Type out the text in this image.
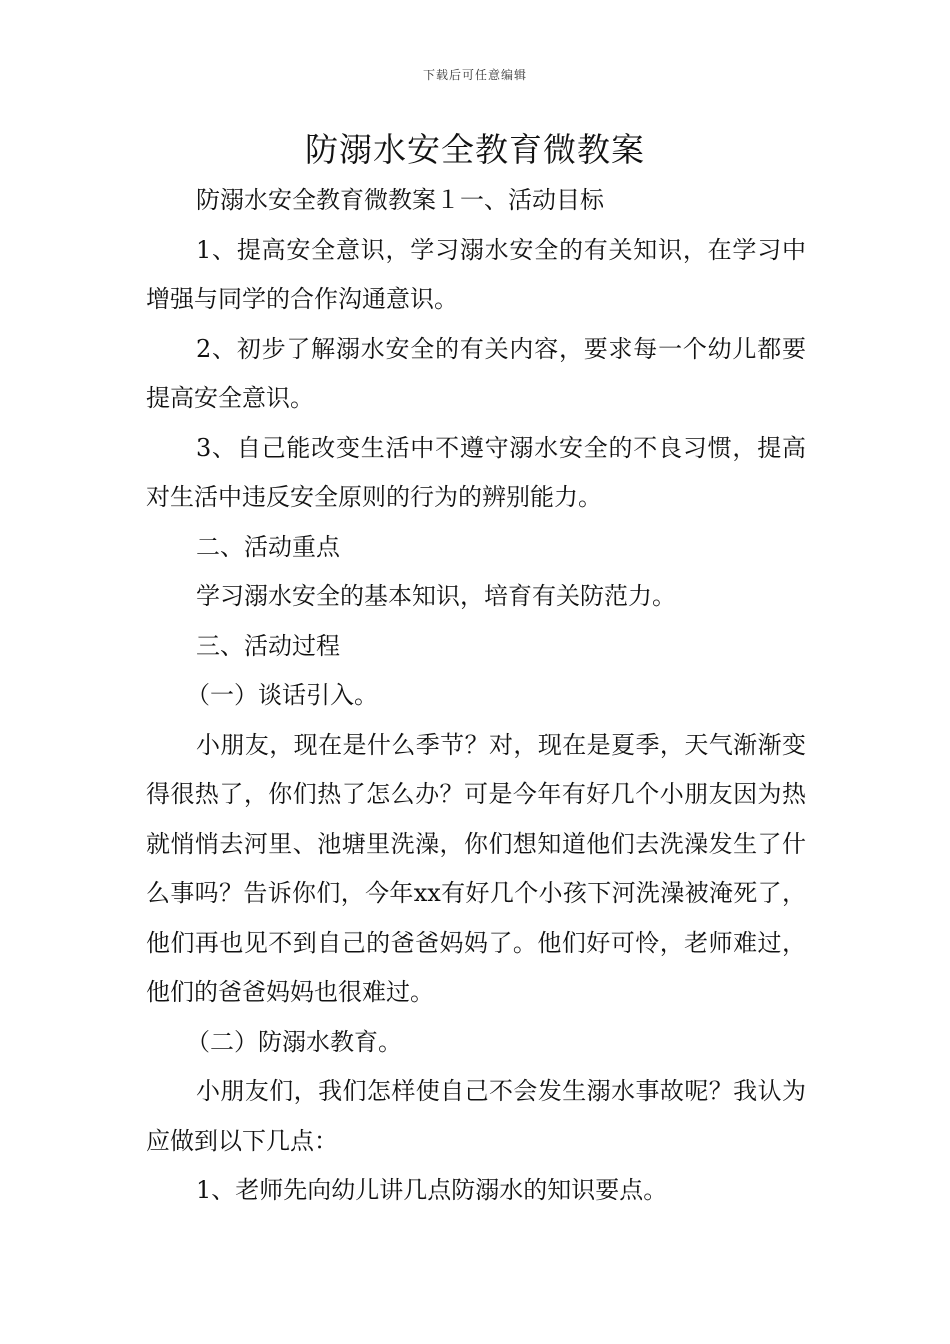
下载后可任意编辑
防溺水安全教育微教案

防溺水安全教育微教案１一、活动目标

1、提高安全意识，学习溺水安全的有关知识，在学习中增强与同学的合作沟通意识。

2、初步了解溺水安全的有关内容，要求每一个幼儿都要提高安全意识。

3、自己能改变生活中不遵守溺水安全的不良习惯，提高对生活中违反安全原则的行为的辨别能力。

二、活动重点

学习溺水安全的基本知识，培育有关防范力。

三、活动过程

（一）谈话引入。

小朋友，现在是什么季节？对，现在是夏季，天气渐渐变得很热了，你们热了怎么办？可是今年有好几个小朋友因为热就悄悄去河里、池塘里洗澡，你们想知道他们去洗澡发生了什么事吗？告诉你们，今年xx有好几个小孩下河洗澡被淹死了，他们再也见不到自己的爸爸妈妈了。他们好可怜，老师难过，他们的爸爸妈妈也很难过。

（二）防溺水教育。

小朋友们，我们怎样使自己不会发生溺水事故呢？我认为应做到以下几点：

1、老师先向幼儿讲几点防溺水的知识要点。
